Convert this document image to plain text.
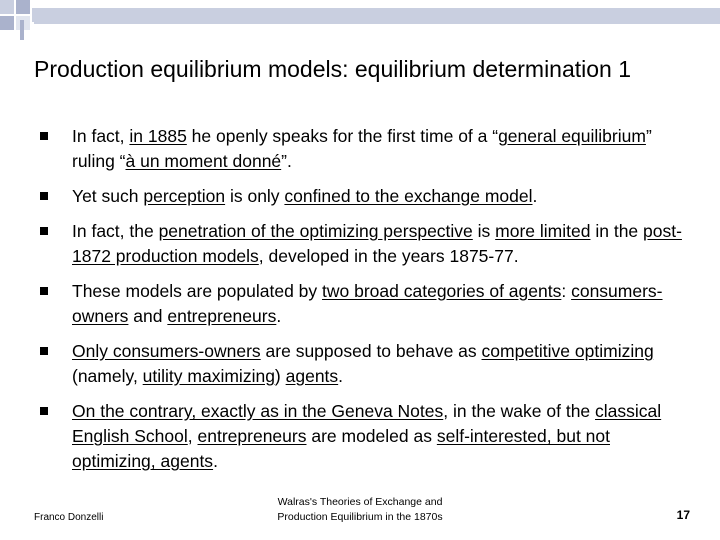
Production equilibrium models: equilibrium determination 1
In fact, in 1885 he openly speaks for the first time of a “general equilibrium” ruling “à un moment donné”.
Yet such perception is only confined to the exchange model.
In fact, the penetration of the optimizing perspective is more limited in the post-1872 production models, developed in the years 1875-77.
These models are populated by two broad categories of agents: consumers-owners and entrepreneurs.
Only consumers-owners are supposed to behave as competitive optimizing (namely, utility maximizing) agents.
On the contrary, exactly as in the Geneva Notes, in the wake of the classical English School, entrepreneurs are modeled as self-interested, but not optimizing, agents.
Franco Donzelli
Walras's Theories of Exchange and
Production Equilibrium in the 1870s	17
